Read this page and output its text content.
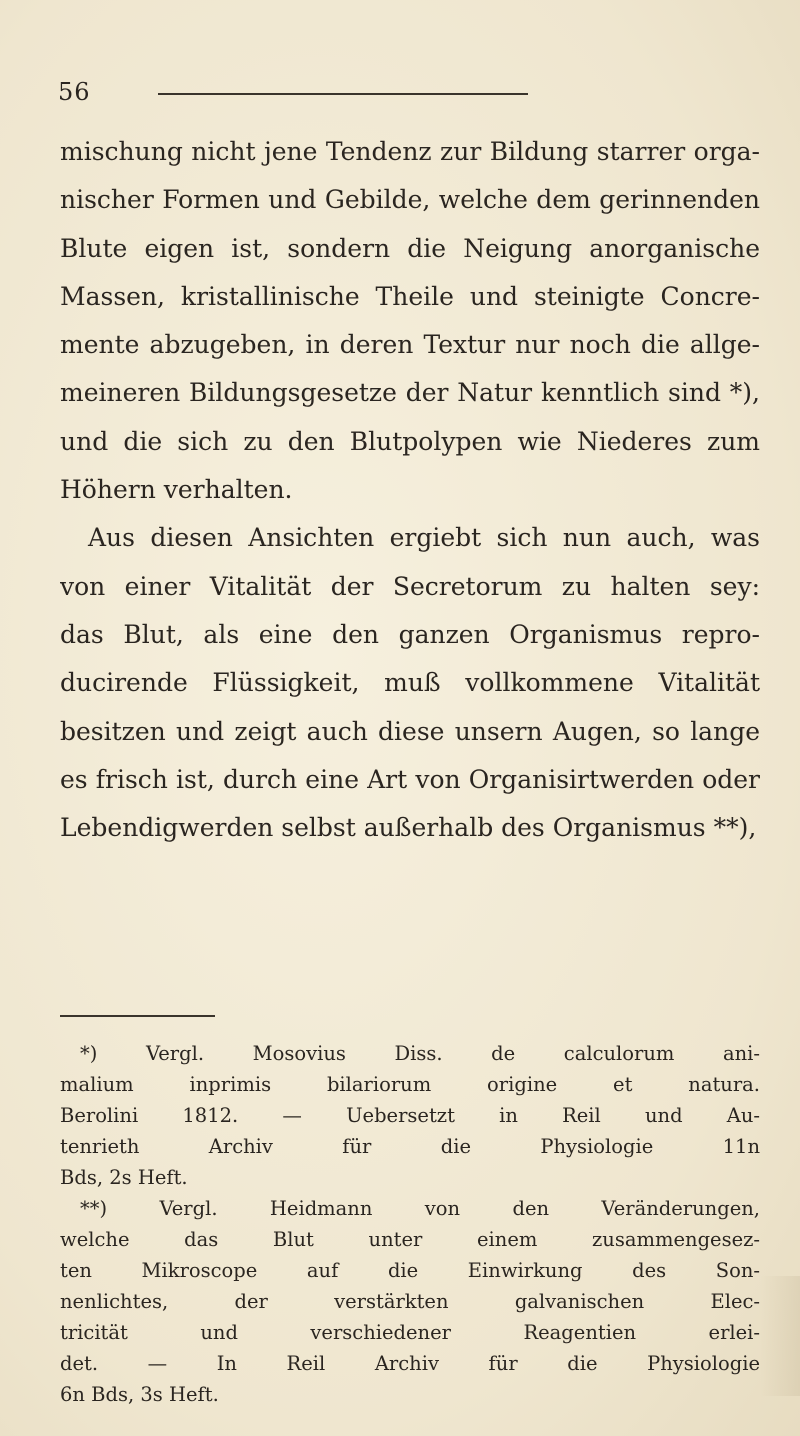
56
mischung nicht jene Tendenz zur Bildung starrer orga-
nischer Formen und Gebilde, welche dem gerinnenden
Blute eigen ist, sondern die Neigung anorganische
Massen, kristallinische Theile und steinigte Concre-
mente abzugeben, in deren Textur nur noch die allge-
meineren Bildungsgesetze der Natur kenntlich sind *),
und die sich zu den Blutpolypen wie Niederes zum
Höhern verhalten.
Aus diesen Ansichten ergiebt sich nun auch, was
von einer Vitalität der Secretorum zu halten sey:
das Blut, als eine den ganzen Organismus repro-
ducirende Flüssigkeit, muß vollkommene Vitalität
besitzen und zeigt auch diese unsern Augen, so lange
es frisch ist, durch eine Art von Organisirtwerden oder
Lebendigwerden selbst außerhalb des Organismus **),
*) Vergl. Mosovius Diss. de calculorum ani-
malium inprimis bilariorum origine et natura.
Berolini 1812. — Uebersetzt in Reil und Au-
tenrieth Archiv für die Physiologie 11n
Bds, 2s Heft.
**) Vergl. Heidmann von den Veränderungen,
welche das Blut unter einem zusammengesez-
ten Mikroscope auf die Einwirkung des Son-
nenlichtes, der verstärkten galvanischen Elec-
tricität und verschiedener Reagentien erlei-
det. — In Reil Archiv für die Physiologie
6n Bds, 3s Heft.
